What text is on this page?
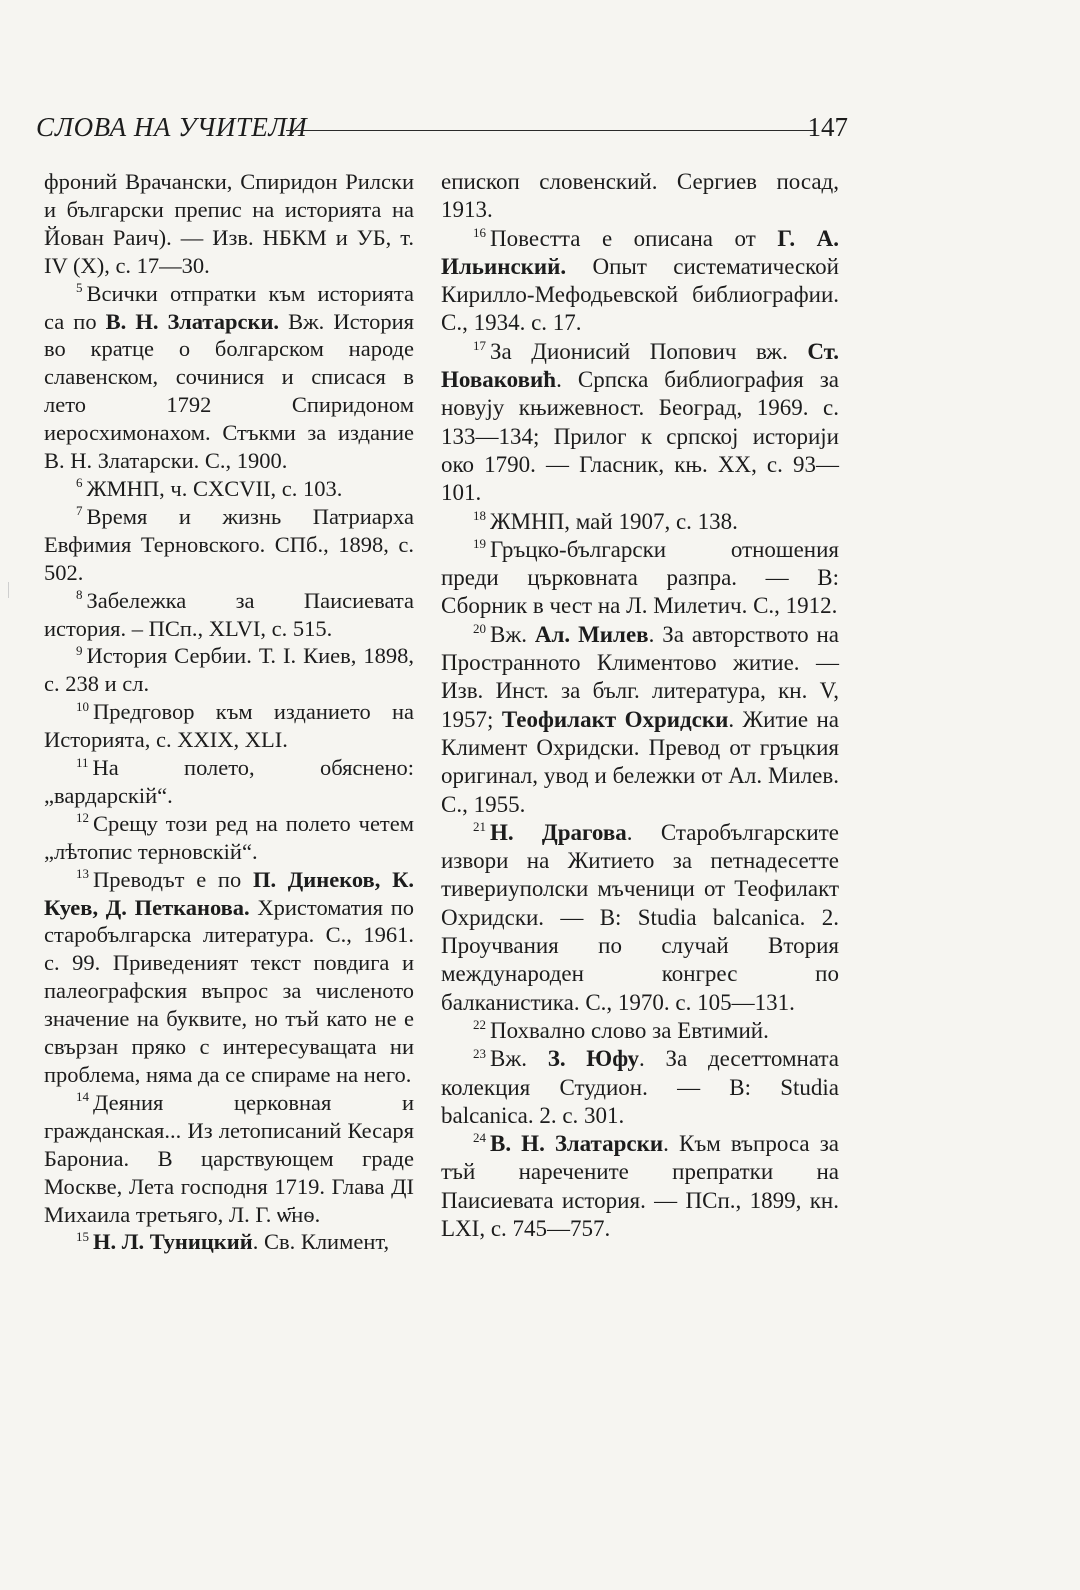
СЛОВА НА УЧИТЕЛИ	147

фроний Врачански, Спиридон Рилски и български препис на историята на Йован Раич). — Изв. НБКМ и УБ, т. IV (X), с. 17—30.

$^5$ Всички отпратки към историята са по В. Н. Златарски. Вж. История во кратце о болгарском народе славенском, сочинися и списася в лето 1792 Спиридоном иеросхимонахом. Стъкми за издание В. Н. Златарски. С., 1900.

$^6$ ЖМНП, ч. CXCVII, с. 103.

$^7$ Время и жизнь Патриарха Евфимия Терновского. СПб., 1898, с. 502.

$^8$ Забележка за Паисиевата история. – ПСп., XLVI, с. 515.

$^9$ История Сербии. Т. I. Киев, 1898, с. 238 и сл.

$^{10}$ Предговор към изданието на Историята, с. XXIX, XLI.

$^{11}$ На полето, обяснено: „вардарскій“.

$^{12}$ Срещу този ред на полето четем „лѣтопис терновскій“.

$^{13}$ Преводът е по П. Динеков, К. Куев, Д. Петканова. Христоматия по старобългарска литература. С., 1961. с. 99. Приведеният текст повдига и палеографския въпрос за численото значение на буквите, но тъй като не е свързан пряко с интересуващата ни проблема, няма да се спираме на него.

$^{14}$ Деяния церковная и гражданская... Из летописаний Кесаря Барониа. В царствующем граде Москве, Лета господня 1719. Глава ДІ Михаила третьяго, Л. Г. ѡ҃нѳ.

$^{15}$ Н. Л. Туницкий. Св. Климент,

епископ словенский. Сергиев посад, 1913.

$^{16}$ Повестта е описана от Г. А. Ильинский. Опыт систематической Кирилло-Мефодьевской библиографии. С., 1934. с. 17.

$^{17}$ За Дионисий Попович вж. Ст. Новаковић. Српска библиография за новују књижевност. Београд, 1969. с. 133—134; Прилог к српској историји око 1790. — Гласник, књ. XX, с. 93—101.

$^{18}$ ЖМНП, май 1907, с. 138.

$^{19}$ Гръцко-български отношения преди църковната разпра. — В: Сборник в чест на Л. Милетич. С., 1912.

$^{20}$ Вж. Ал. Милев. За авторството на Пространното Климентово житие. — Изв. Инст. за бълг. литература, кн. V, 1957; Теофилакт Охридски. Житие на Климент Охридски. Превод от гръцкия оригинал, увод и бележки от Ал. Милев. С., 1955.

$^{21}$ Н. Драгова. Старобългарските извори на Житието за петнадесетте тивериуполски мъченици от Теофилакт Охридски. — В: Studia balcanica. 2. Проучвания по случай Втория международен конгрес по балканистика. С., 1970. с. 105—131.

$^{22}$ Похвално слово за Евтимий.

$^{23}$ Вж. З. Юфу. За десеттомната колекция Студион. — В: Studia balcanica. 2. с. 301.

$^{24}$ В. Н. Златарски. Към въпроса за тъй наречените препратки на Паисиевата история. — ПСп., 1899, кн. LXI, с. 745—757.
